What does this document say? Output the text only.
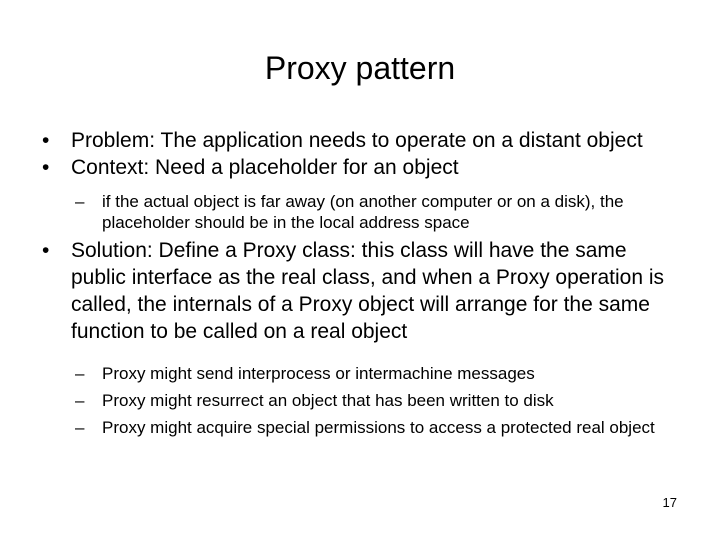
Proxy pattern
• Problem: The application needs to operate on a distant object
• Context: Need a placeholder for an object
– if the actual object is far away (on another computer or on a disk), the placeholder should be in the local address space
• Solution: Define a Proxy class: this class will have the same public interface as the real class, and when a Proxy operation is called, the internals of a Proxy object will arrange for the same function to be called on a real object
– Proxy might send interprocess or intermachine messages
– Proxy might resurrect an object that has been written to disk
– Proxy might acquire special permissions to access a protected real object
17
